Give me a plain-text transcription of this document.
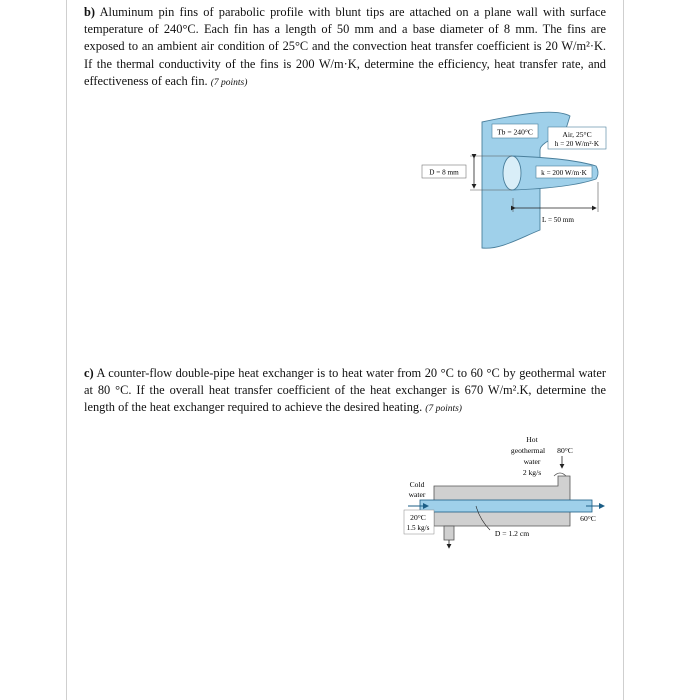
b) Aluminum pin fins of parabolic profile with blunt tips are attached on a plane wall with surface temperature of 240°C. Each fin has a length of 50 mm and a base diameter of 8 mm. The fins are exposed to an ambient air condition of 25°C and the convection heat transfer coefficient is 20 W/m²·K. If the thermal conductivity of the fins is 200 W/m·K, determine the efficiency, heat transfer rate, and effectiveness of each fin. (7 points)
Tb = 240°C	Air, 25°C
h = 20 W/m²·K
k = 200 W/m·K
D = 8 mm
L = 50 mm
c) A counter-flow double-pipe heat exchanger is to heat water from 20 °C to 60 °C by geothermal water at 80 °C. If the overall heat transfer coefficient of the heat exchanger is 670 W/m².K, determine the length of the heat exchanger required to achieve the desired heating. (7 points)
Hot
geothermal 80°C
water
2 kg/s
Cold
water
20°C
1.5 kg/s
60°C
D = 1.2 cm
